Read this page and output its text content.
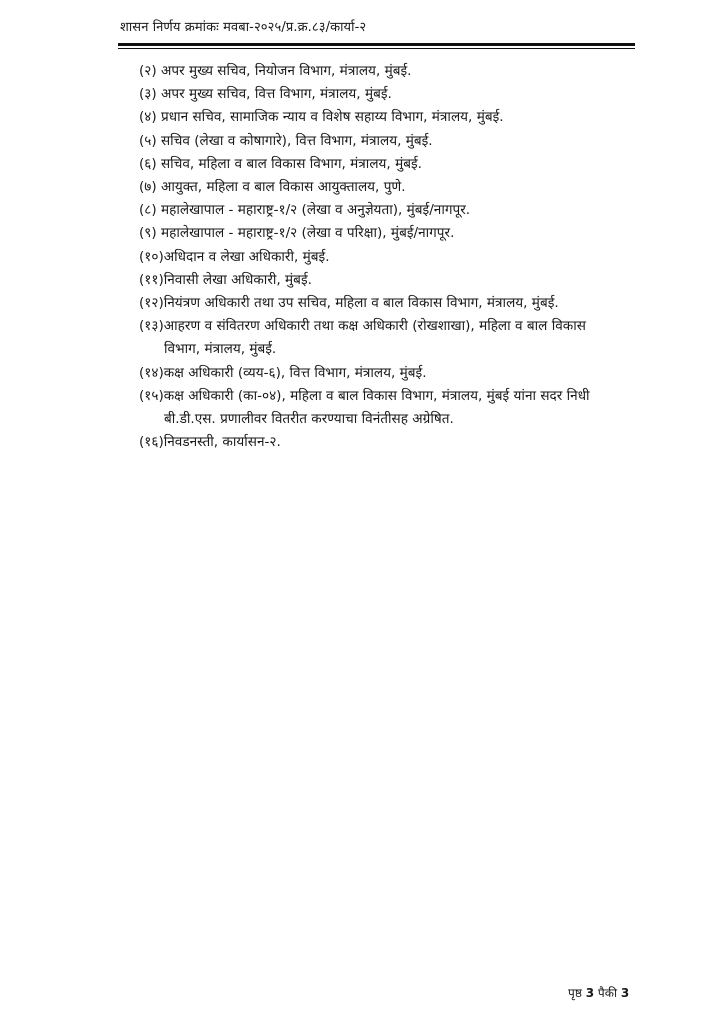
शासन निर्णय क्रमांकः मवबा-२०२५/प्र.क्र.८३/कार्या-२
(२) अपर मुख्य सचिव, नियोजन विभाग, मंत्रालय, मुंबई.
(३) अपर मुख्य सचिव, वित्त विभाग, मंत्रालय, मुंबई.
(४) प्रधान सचिव, सामाजिक न्याय व विशेष सहाय्य विभाग, मंत्रालय, मुंबई.
(५) सचिव (लेखा व कोषागारे), वित्त विभाग, मंत्रालय, मुंबई.
(६) सचिव, महिला व बाल विकास विभाग, मंत्रालय, मुंबई.
(७) आयुक्त, महिला व बाल विकास आयुक्तालय, पुणे.
(८) महालेखापाल - महाराष्ट्र-१/२ (लेखा व अनुज्ञेयता), मुंबई/नागपूर.
(९) महालेखापाल - महाराष्ट्र-१/२ (लेखा व परिक्षा), मुंबई/नागपूर.
(१०)अधिदान व लेखा अधिकारी, मुंबई.
(११)निवासी लेखा अधिकारी, मुंबई.
(१२)नियंत्रण अधिकारी तथा उप सचिव, महिला व बाल विकास विभाग, मंत्रालय, मुंबई.
(१३)आहरण व संवितरण अधिकारी तथा कक्ष अधिकारी (रोखशाखा), महिला व बाल विकास
विभाग, मंत्रालय, मुंबई.
(१४)कक्ष अधिकारी (व्यय-६), वित्त विभाग, मंत्रालय, मुंबई.
(१५)कक्ष अधिकारी (का-०४), महिला व बाल विकास विभाग, मंत्रालय, मुंबई यांना सदर निधी
बी.डी.एस. प्रणालीवर वितरीत करण्याचा विनंतीसह अग्रेषित.
(१६)निवडनस्ती, कार्यासन-२.
पृष्ठ 3 पैकी 3
